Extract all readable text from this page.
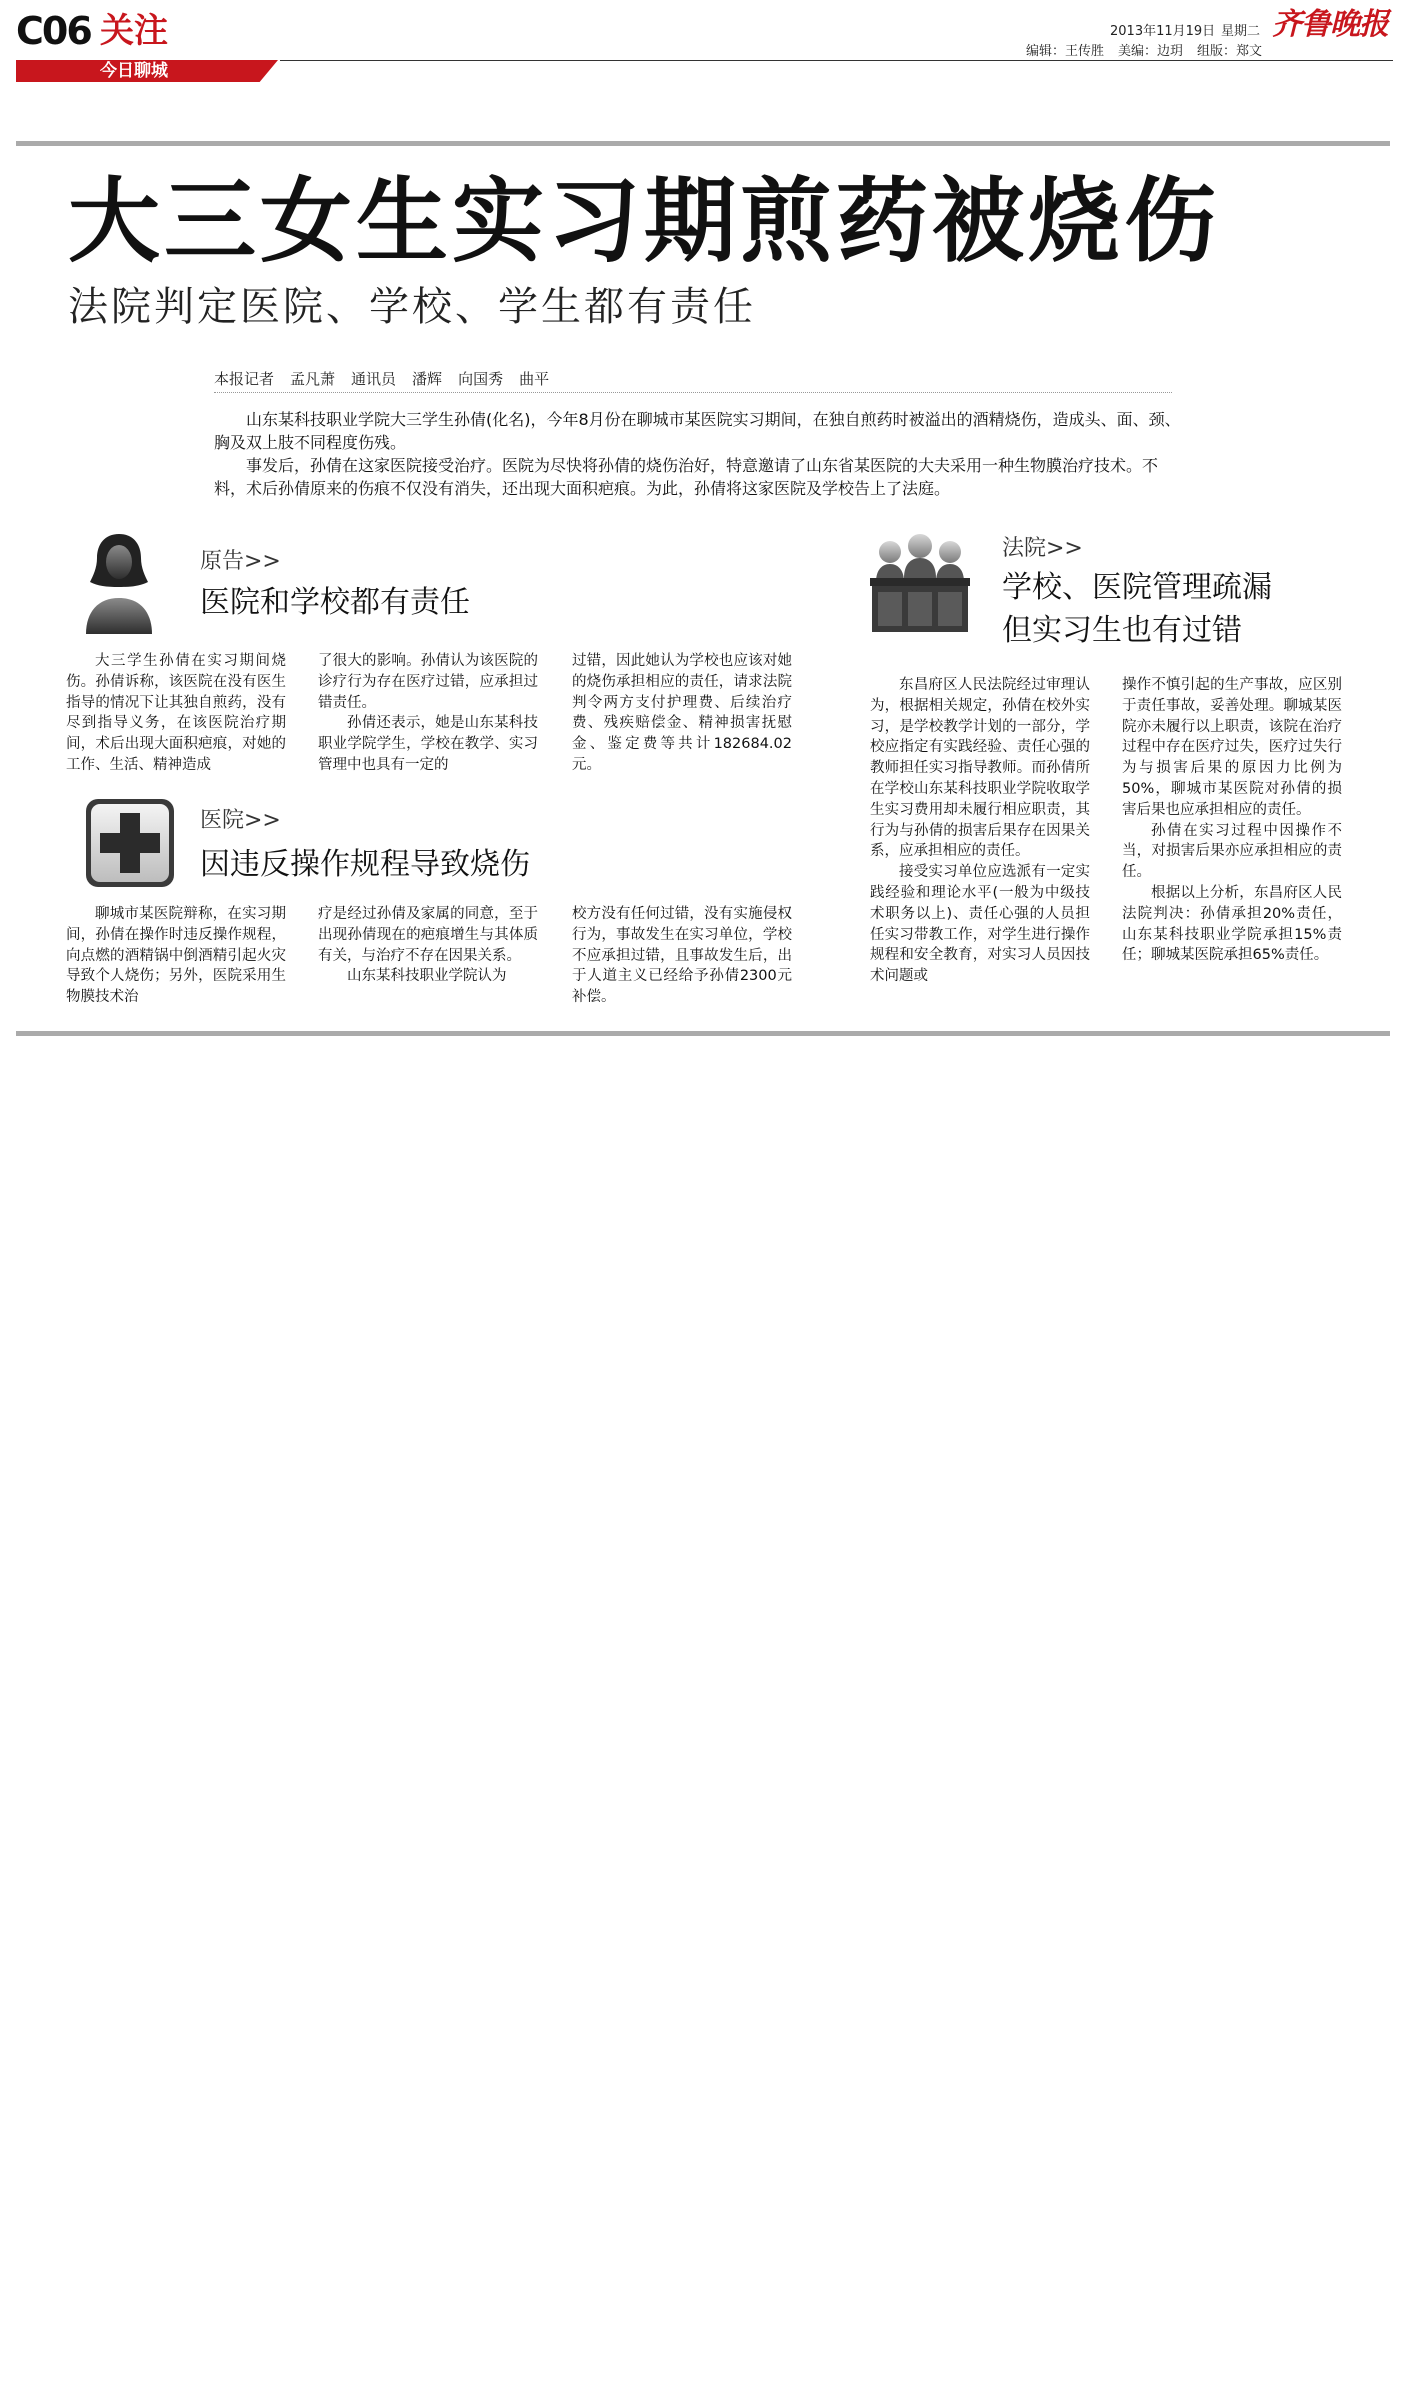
C06 关注
今日聊城
2013年11月19日 星期二 齐鲁晚报
编辑：王传胜 美编：边玥 组版：郑文
大三女生实习期煎药被烧伤
法院判定医院、学校、学生都有责任
本报记者 孟凡萧 通讯员 潘辉 向国秀 曲平

山东某科技职业学院大三学生孙倩(化名)，今年8月份在聊城市某医院实习期间，在独自煎药时被溢出的酒精烧伤，造成头、面、颈、胸及双上肢不同程度伤残。

事发后，孙倩在这家医院接受治疗。医院为尽快将孙倩的烧伤治好，特意邀请了山东省某医院的大夫采用一种生物膜治疗技术。不料，术后孙倩原来的伤痕不仅没有消失，还出现大面积疤痕。为此，孙倩将这家医院及学校告上了法庭。

原告>>
医院和学校都有责任

大三学生孙倩在实习期间烧伤。孙倩诉称，该医院在没有医生指导的情况下让其独自煎药，没有尽到指导义务，在该医院治疗期间，术后出现大面积疤痕，对她的工作、生活、精神造成

了很大的影响。孙倩认为该医院的诊疗行为存在医疗过错，应承担过错责任。

孙倩还表示，她是山东某科技职业学院学生，学校在教学、实习管理中也具有一定的

过错，因此她认为学校也应该对她的烧伤承担相应的责任，请求法院判令两方支付护理费、后续治疗费、残疾赔偿金、精神损害抚慰金、鉴定费等共计182684.02元。

医院>>
因违反操作规程导致烧伤

聊城市某医院辩称，在实习期间，孙倩在操作时违反操作规程，向点燃的酒精锅中倒酒精引起火灾导致个人烧伤；另外，医院采用生物膜技术治

疗是经过孙倩及家属的同意，至于出现孙倩现在的疤痕增生与其体质有关，与治疗不存在因果关系。

山东某科技职业学院认为

校方没有任何过错，没有实施侵权行为，事故发生在实习单位，学校不应承担过错，且事故发生后，出于人道主义已经给予孙倩2300元补偿。

法院>>
学校、医院管理疏漏
但实习生也有过错

东昌府区人民法院经过审理认为，根据相关规定，孙倩在校外实习，是学校教学计划的一部分，学校应指定有实践经验、责任心强的教师担任实习指导教师。而孙倩所在学校山东某科技职业学院收取学生实习费用却未履行相应职责，其行为与孙倩的损害后果存在因果关系，应承担相应的责任。

接受实习单位应选派有一定实践经验和理论水平(一般为中级技术职务以上)、责任心强的人员担任实习带教工作，对学生进行操作规程和安全教育，对实习人员因技术问题或

操作不慎引起的生产事故，应区别于责任事故，妥善处理。聊城某医院亦未履行以上职责，该院在治疗过程中存在医疗过失，医疗过失行为与损害后果的原因力比例为50%，聊城市某医院对孙倩的损害后果也应承担相应的责任。

孙倩在实习过程中因操作不当，对损害后果亦应承担相应的责任。

根据以上分析，东昌府区人民法院判决：孙倩承担20%责任，山东某科技职业学院承担15%责任；聊城某医院承担65%责任。
